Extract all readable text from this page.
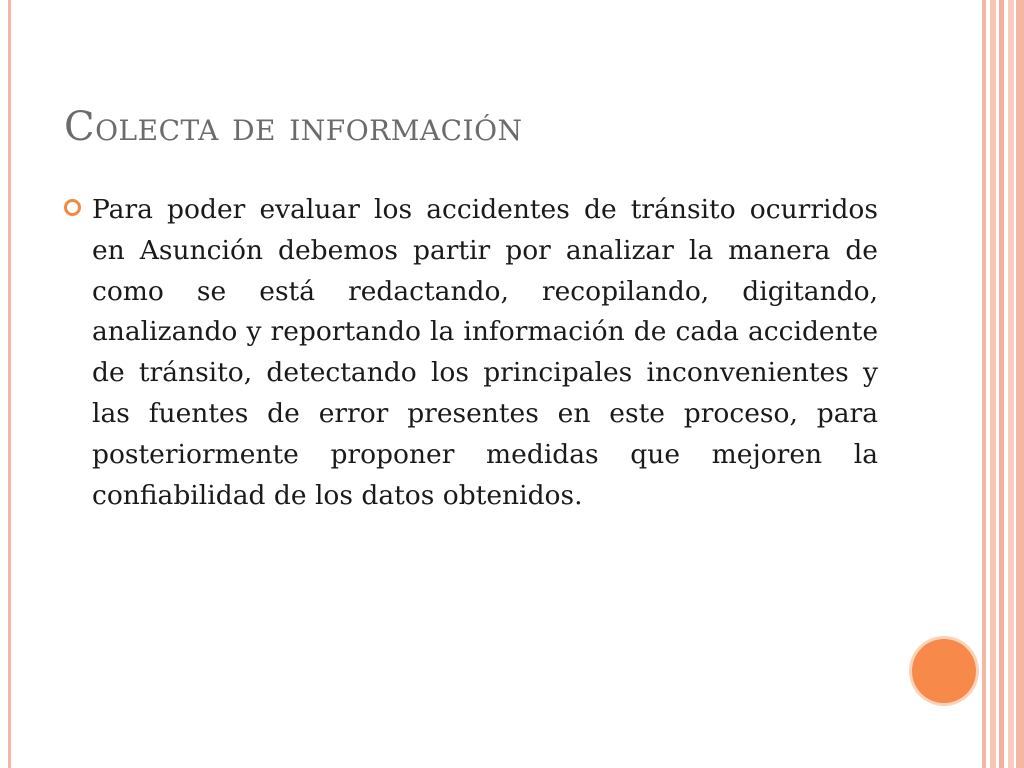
Colecta de información

Para poder evaluar los accidentes de tránsito ocurridos en Asunción debemos partir por analizar la manera de como se está redactando, recopilando, digitando, analizando y reportando la información de cada accidente de tránsito, detectando los principales inconvenientes y las fuentes de error presentes en este proceso, para posteriormente proponer medidas que mejoren la confiabilidad de los datos obtenidos.
